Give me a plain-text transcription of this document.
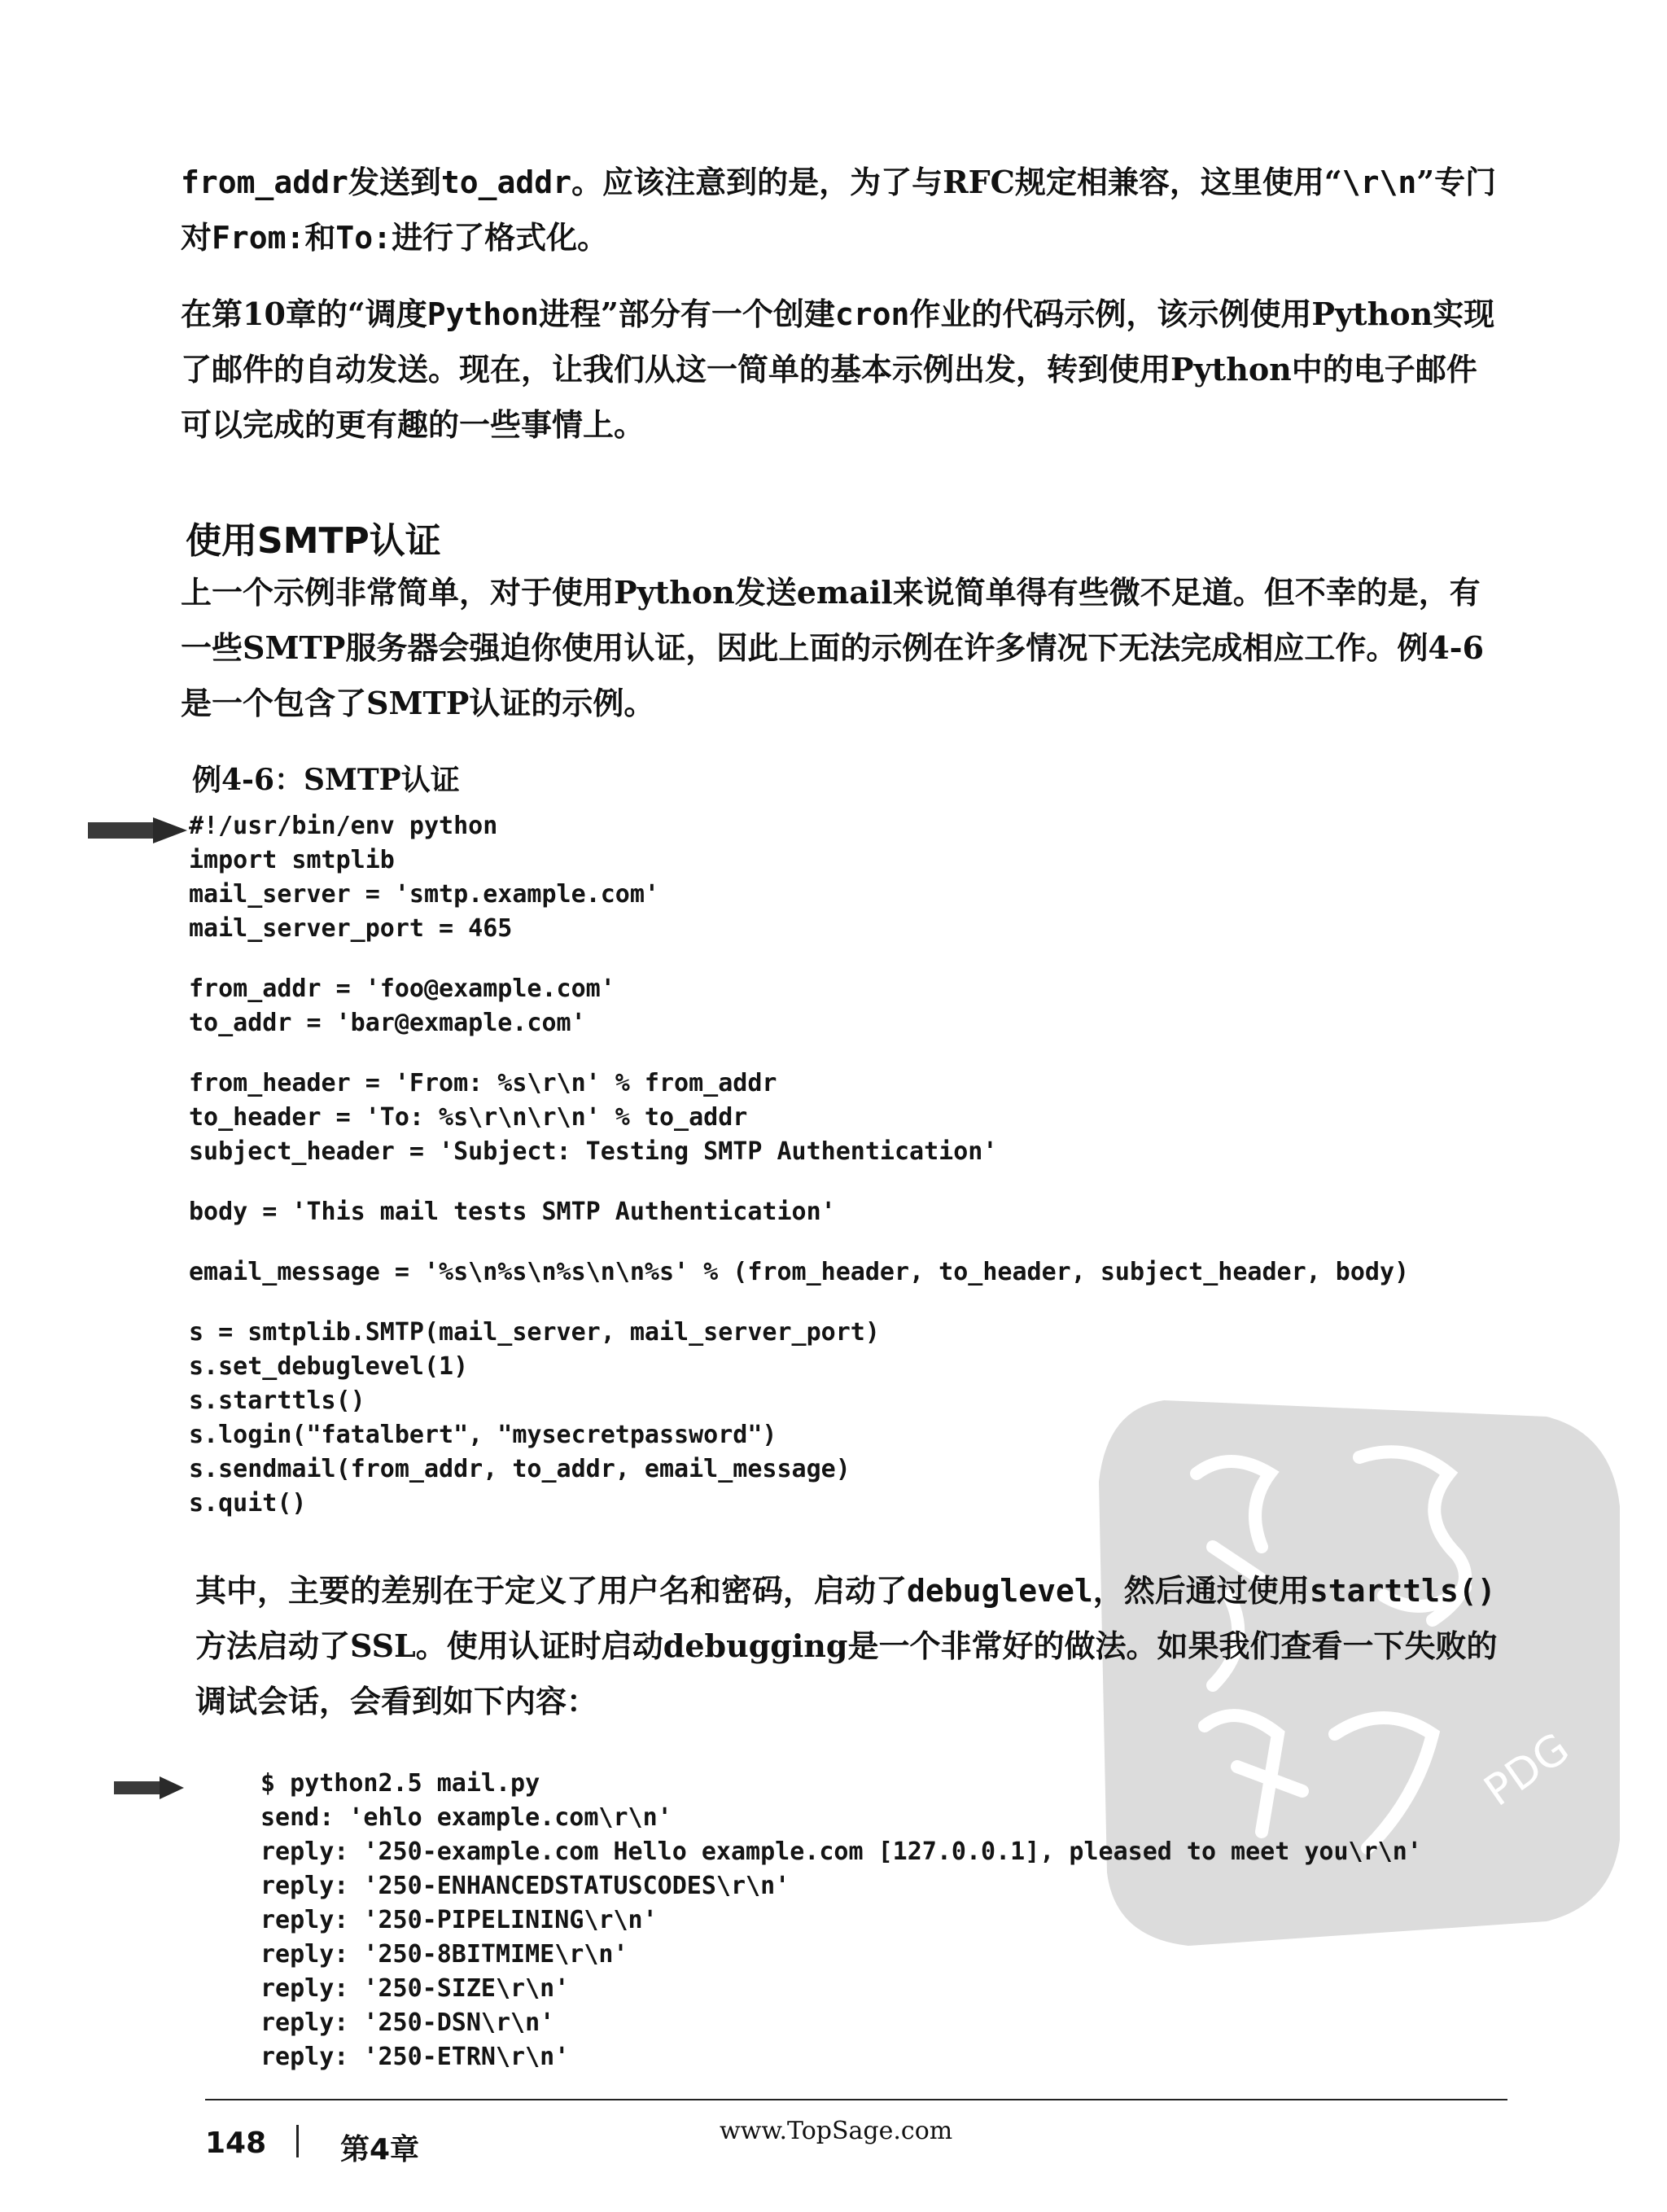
from_addr发送到to_addr。应该注意到的是，为了与RFC规定相兼容，这里使用“\r\n”专门对From:和To:进行了格式化。

在第10章的“调度Python进程”部分有一个创建cron作业的代码示例，该示例使用Python实现了邮件的自动发送。现在，让我们从这一简单的基本示例出发，转到使用Python中的电子邮件可以完成的更有趣的一些事情上。

使用SMTP认证

上一个示例非常简单，对于使用Python发送email来说简单得有些微不足道。但不幸的是，有一些SMTP服务器会强迫你使用认证，因此上面的示例在许多情况下无法完成相应工作。例4-6是一个包含了SMTP认证的示例。

例4-6：SMTP认证
#!/usr/bin/env python
import smtplib
mail_server = 'smtp.example.com'
mail_server_port = 465
from_addr = 'foo@example.com'
to_addr = 'bar@exmaple.com'
from_header = 'From: %s\r\n' % from_addr
to_header = 'To: %s\r\n\r\n' % to_addr
subject_header = 'Subject: Testing SMTP Authentication'
body = 'This mail tests SMTP Authentication'
email_message = '%s\n%s\n%s\n\n%s' % (from_header, to_header, subject_header, body)
s = smtplib.SMTP(mail_server, mail_server_port)
s.set_debuglevel(1)
s.starttls()
s.login("fatalbert", "mysecretpassword")
s.sendmail(from_addr, to_addr, email_message)
s.quit()
PDG

其中，主要的差别在于定义了用户名和密码，启动了debuglevel，然后通过使用starttls()方法启动了SSL。使用认证时启动debugging是一个非常好的做法。如果我们查看一下失败的调试会话，会看到如下内容：

$ python2.5 mail.py
send: 'ehlo example.com\r\n'
reply: '250-example.com Hello example.com [127.0.0.1], pleased to meet you\r\n'
reply: '250-ENHANCEDSTATUSCODES\r\n'
reply: '250-PIPELINING\r\n'
reply: '250-8BITMIME\r\n'
reply: '250-SIZE\r\n'
reply: '250-DSN\r\n'
reply: '250-ETRN\r\n'
148	第4章
www.TopSage.com
